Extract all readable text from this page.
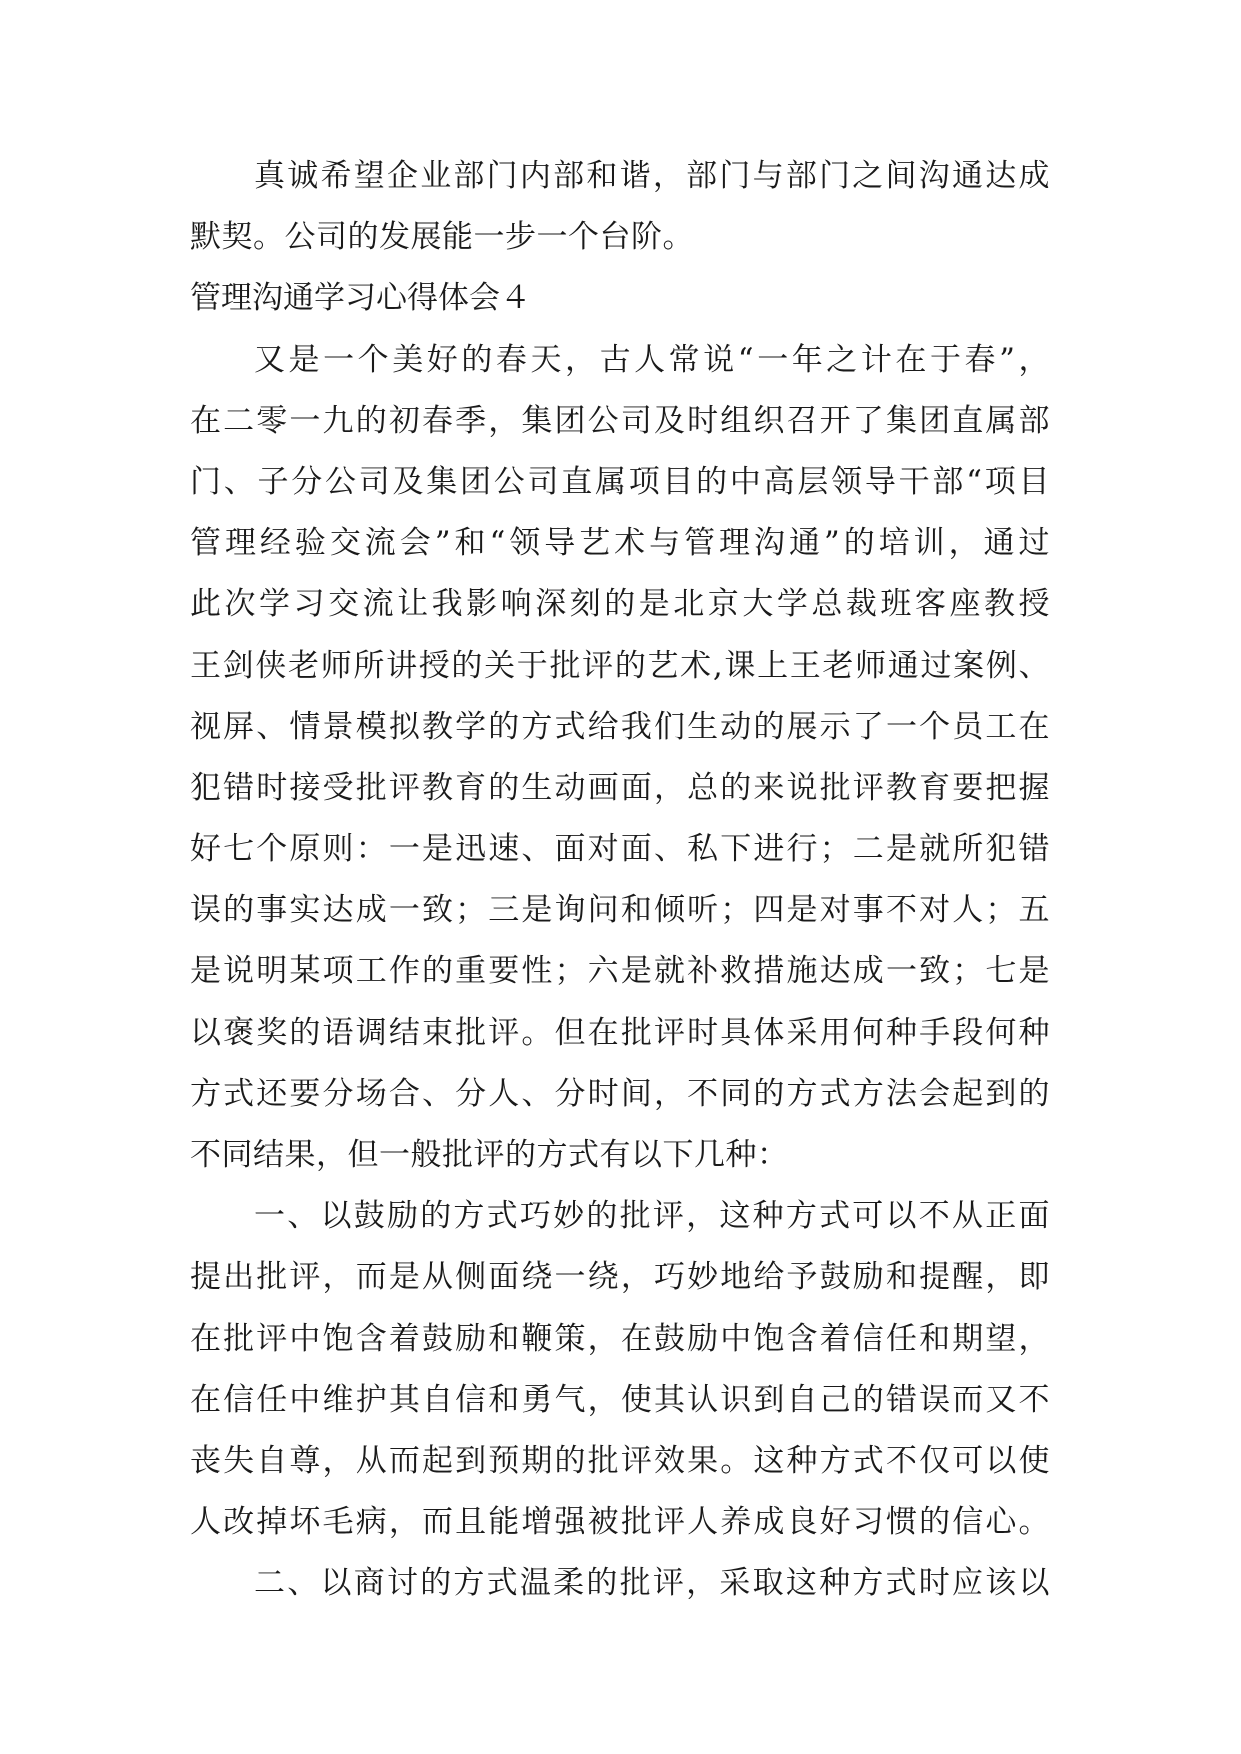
真诚希望企业部门内部和谐，部门与部门之间沟通达成
默契。公司的发展能一步一个台阶。
管理沟通学习心得体会４
又是一个美好的春天，古人常说“一年之计在于春”，
在二零一九的初春季，集团公司及时组织召开了集团直属部
门、子分公司及集团公司直属项目的中高层领导干部“项目
管理经验交流会”和“领导艺术与管理沟通”的培训，通过
此次学习交流让我影响深刻的是北京大学总裁班客座教授
王剑侠老师所讲授的关于批评的艺术,课上王老师通过案例、
视屏、情景模拟教学的方式给我们生动的展示了一个员工在
犯错时接受批评教育的生动画面，总的来说批评教育要把握
好七个原则：一是迅速、面对面、私下进行；二是就所犯错
误的事实达成一致；三是询问和倾听；四是对事不对人；五
是说明某项工作的重要性；六是就补救措施达成一致；七是
以褒奖的语调结束批评。但在批评时具体采用何种手段何种
方式还要分场合、分人、分时间，不同的方式方法会起到的
不同结果，但一般批评的方式有以下几种：
一、以鼓励的方式巧妙的批评，这种方式可以不从正面
提出批评，而是从侧面绕一绕，巧妙地给予鼓励和提醒，即
在批评中饱含着鼓励和鞭策，在鼓励中饱含着信任和期望，
在信任中维护其自信和勇气，使其认识到自己的错误而又不
丧失自尊，从而起到预期的批评效果。这种方式不仅可以使
人改掉坏毛病，而且能增强被批评人养成良好习惯的信心。
二、以商讨的方式温柔的批评，采取这种方式时应该以
